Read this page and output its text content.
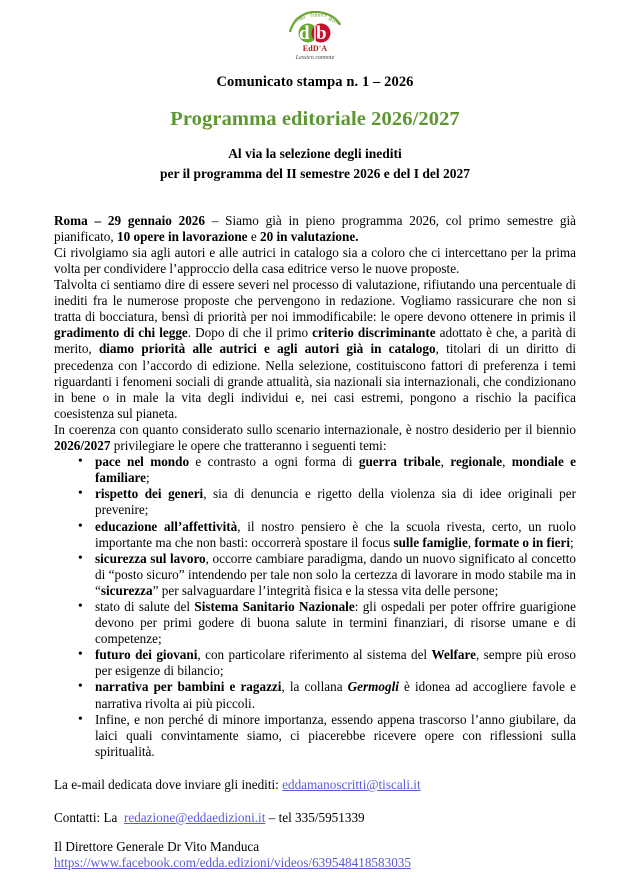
Casa Editrice
Roma
d b
EdD'A
Lessico connote
Comunicato stampa n. 1 – 2026
Programma editoriale 2026/2027
Al via la selezione degli inediti
per il programma del II semestre 2026 e del I del 2027

Roma – 29 gennaio 2026 – Siamo già in pieno programma 2026, col primo semestre già pianificato, 10 opere in lavorazione e 20 in valutazione.

Ci rivolgiamo sia agli autori e alle autrici in catalogo sia a coloro che ci intercettano per la prima volta per condividere l’approccio della casa editrice verso le nuove proposte.

Talvolta ci sentiamo dire di essere severi nel processo di valutazione, rifiutando una percentuale di inediti fra le numerose proposte che pervengono in redazione. Vogliamo rassicurare che non si tratta di bocciatura, bensì di priorità per noi immodificabile: le opere devono ottenere in primis il gradimento di chi legge. Dopo di che il primo criterio discriminante adottato è che, a parità di merito, diamo priorità alle autrici e agli autori già in catalogo, titolari di un diritto di precedenza con l’accordo di edizione. Nella selezione, costituiscono fattori di preferenza i temi riguardanti i fenomeni sociali di grande attualità, sia nazionali sia internazionali, che condizionano in bene o in male la vita degli individui e, nei casi estremi, pongono a rischio la pacifica coesistenza sul pianeta.

In coerenza con quanto considerato sullo scenario internazionale, è nostro desiderio per il biennio 2026/2027 privilegiare le opere che tratteranno i seguenti temi:

• pace nel mondo e contrasto a ogni forma di guerra tribale, regionale, mondiale e familiare;
• rispetto dei generi, sia di denuncia e rigetto della violenza sia di idee originali per prevenire;
• educazione all’affettività, il nostro pensiero è che la scuola rivesta, certo, un ruolo importante ma che non basti: occorrerà spostare il focus sulle famiglie, formate o in fieri;
• sicurezza sul lavoro, occorre cambiare paradigma, dando un nuovo significato al concetto di “posto sicuro” intendendo per tale non solo la certezza di lavorare in modo stabile ma in “sicurezza” per salvaguardare l’integrità fisica e la stessa vita delle persone;
• stato di salute del Sistema Sanitario Nazionale: gli ospedali per poter offrire guarigione devono per primi godere di buona salute in termini finanziari, di risorse umane e di competenze;
• futuro dei giovani, con particolare riferimento al sistema del Welfare, sempre più eroso per esigenze di bilancio;
• narrativa per bambini e ragazzi, la collana Germogli è idonea ad accogliere favole e narrativa rivolta ai più piccoli.
• Infine, e non perché di minore importanza, essendo appena trascorso l’anno giubilare, da laici quali convintamente siamo, ci piacerebbe ricevere opere con riflessioni sulla spiritualità.

La e-mail dedicata dove inviare gli inediti: eddamanoscritti@tiscali.it

Contatti: La redazione@eddaedizioni.it – tel 335/5951339

Il Direttore Generale Dr Vito Manduca

https://www.facebook.com/edda.edizioni/videos/639548418583035
